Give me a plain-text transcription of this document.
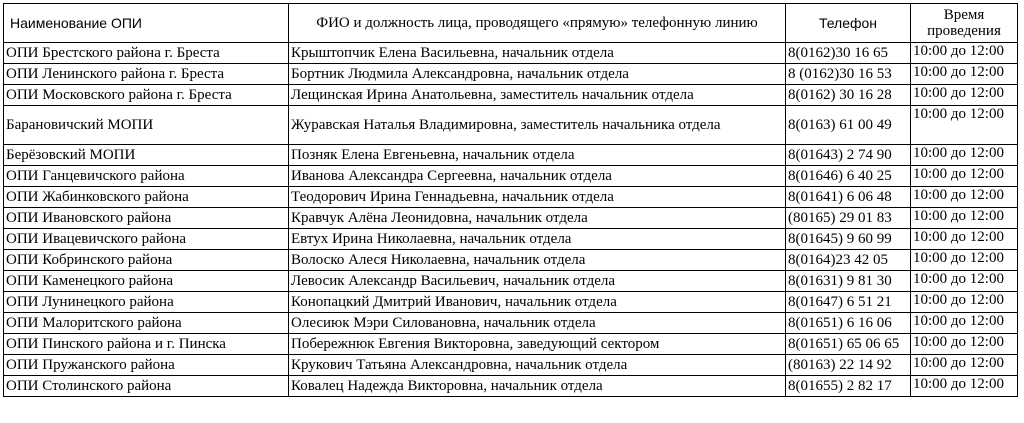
Наименование ОПИ	ФИО и должность лица, проводящего «прямую» телефонную линию	Телефон	Время проведения
ОПИ Брестского района г. Бреста	Крыштопчик Елена Васильевна, начальник отдела	8(0162)30 16 65	10:00 до 12:00
ОПИ Ленинского района г. Бреста	Бортник Людмила Александровна, начальник отдела	8 (0162)30 16 53	10:00 до 12:00
ОПИ Московского района г. Бреста	Лещинская Ирина Анатольевна, заместитель начальник отдела	8(0162) 30 16 28	10:00 до 12:00
Барановичский МОПИ	Журавская Наталья Владимировна, заместитель начальника отдела	8(0163) 61 00 49	10:00 до 12:00
Берёзовский МОПИ	Позняк Елена Евгеньевна, начальник отдела	8(01643) 2 74 90	10:00 до 12:00
ОПИ Ганцевичского района	Иванова Александра Сергеевна, начальник отдела	8(01646) 6 40 25	10:00 до 12:00
ОПИ Жабинковского района	Теодорович Ирина Геннадьевна, начальник отдела	8(01641) 6 06 48	10:00 до 12:00
ОПИ Ивановского района	Кравчук Алёна Леонидовна, начальник отдела	(80165) 29 01 83	10:00 до 12:00
ОПИ Ивацевичского района	Евтух Ирина Николаевна, начальник отдела	8(01645) 9 60 99	10:00 до 12:00
ОПИ Кобринского района	Волоско Алеся Николаевна, начальник отдела	8(0164)23 42 05	10:00 до 12:00
ОПИ Каменецкого района	Левосик Александр Васильевич, начальник отдела	8(01631) 9 81 30	10:00 до 12:00
ОПИ Лунинецкого района	Конопацкий Дмитрий Иванович, начальник отдела	8(01647) 6 51 21	10:00 до 12:00
ОПИ Малоритского района	Олесиюк Мэри Силовановна, начальник отдела	8(01651) 6 16 06	10:00 до 12:00
ОПИ Пинского района и г. Пинска	Побережнюк Евгения Викторовна, заведующий сектором	8(01651) 65 06 65	10:00 до 12:00
ОПИ Пружанского района	Крукович Татьяна Александровна, начальник отдела	(80163) 22 14 92	10:00 до 12:00
ОПИ Столинского района	Ковалец Надежда Викторовна, начальник отдела	8(01655) 2 82 17	10:00 до 12:00
